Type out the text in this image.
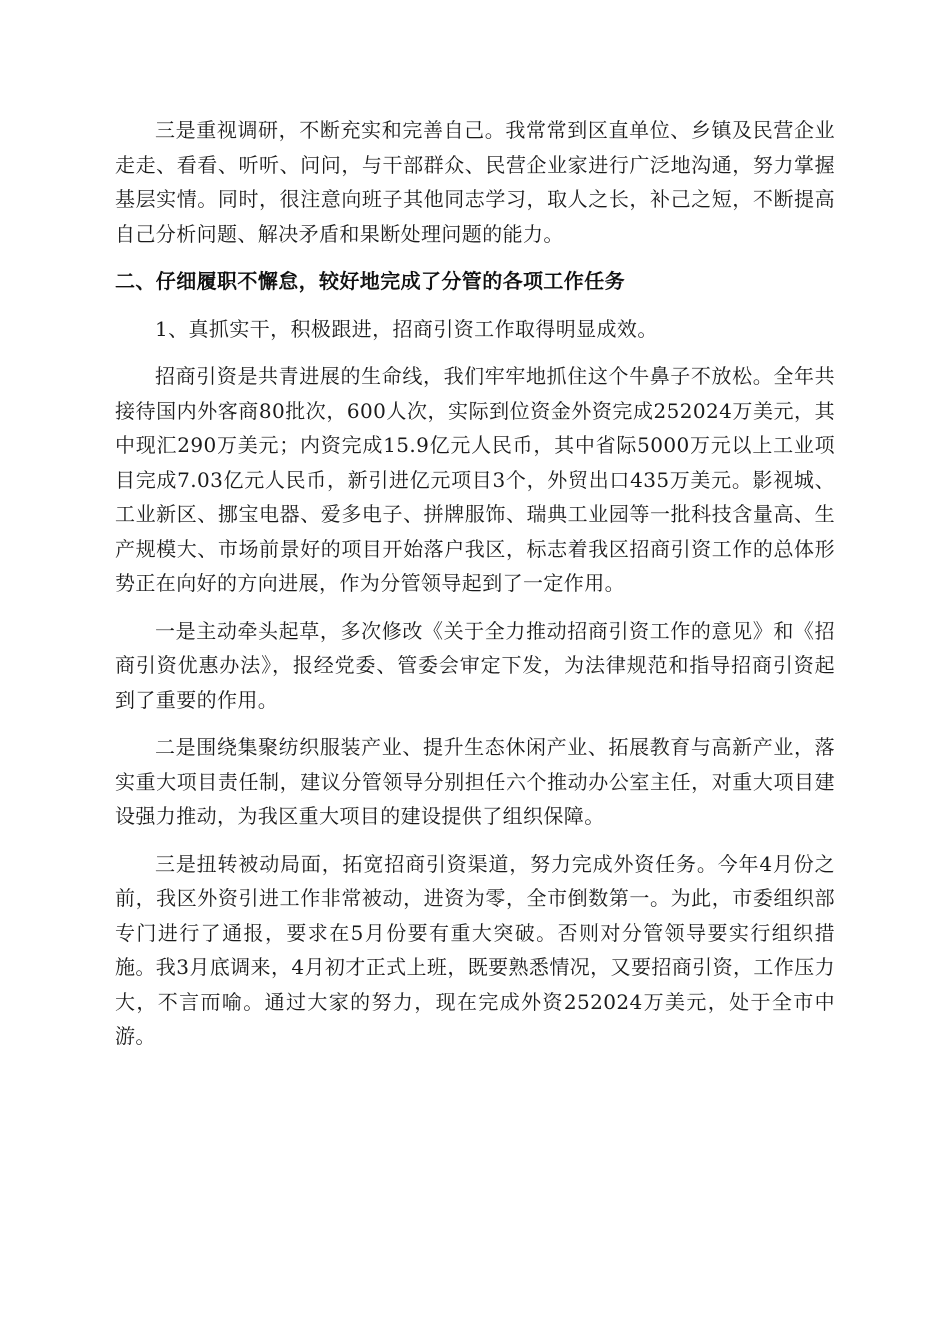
三是重视调研，不断充实和完善自己。我常常到区直单位、乡镇及民营企业走走、看看、听听、问问，与干部群众、民营企业家进行广泛地沟通，努力掌握基层实情。同时，很注意向班子其他同志学习，取人之长，补己之短，不断提高自己分析问题、解决矛盾和果断处理问题的能力。

二、仔细履职不懈怠，较好地完成了分管的各项工作任务

1、真抓实干，积极跟进，招商引资工作取得明显成效。

招商引资是共青进展的生命线，我们牢牢地抓住这个牛鼻子不放松。全年共接待国内外客商80批次，600人次，实际到位资金外资完成252024万美元，其中现汇290万美元；内资完成15.9亿元人民币，其中省际5000万元以上工业项目完成7.03亿元人民币，新引进亿元项目3个，外贸出口435万美元。影视城、工业新区、挪宝电器、爱多电子、拼牌服饰、瑞典工业园等一批科技含量高、生产规模大、市场前景好的项目开始落户我区，标志着我区招商引资工作的总体形势正在向好的方向进展，作为分管领导起到了一定作用。

一是主动牵头起草，多次修改《关于全力推动招商引资工作的意见》和《招商引资优惠办法》，报经党委、管委会审定下发，为法律规范和指导招商引资起到了重要的作用。

二是围绕集聚纺织服装产业、提升生态休闲产业、拓展教育与高新产业，落实重大项目责任制，建议分管领导分别担任六个推动办公室主任，对重大项目建设强力推动，为我区重大项目的建设提供了组织保障。

三是扭转被动局面，拓宽招商引资渠道，努力完成外资任务。今年4月份之前，我区外资引进工作非常被动，进资为零，全市倒数第一。为此，市委组织部专门进行了通报，要求在5月份要有重大突破。否则对分管领导要实行组织措施。我3月底调来，4月初才正式上班，既要熟悉情况，又要招商引资，工作压力大，不言而喻。通过大家的努力，现在完成外资252024万美元，处于全市中游。
